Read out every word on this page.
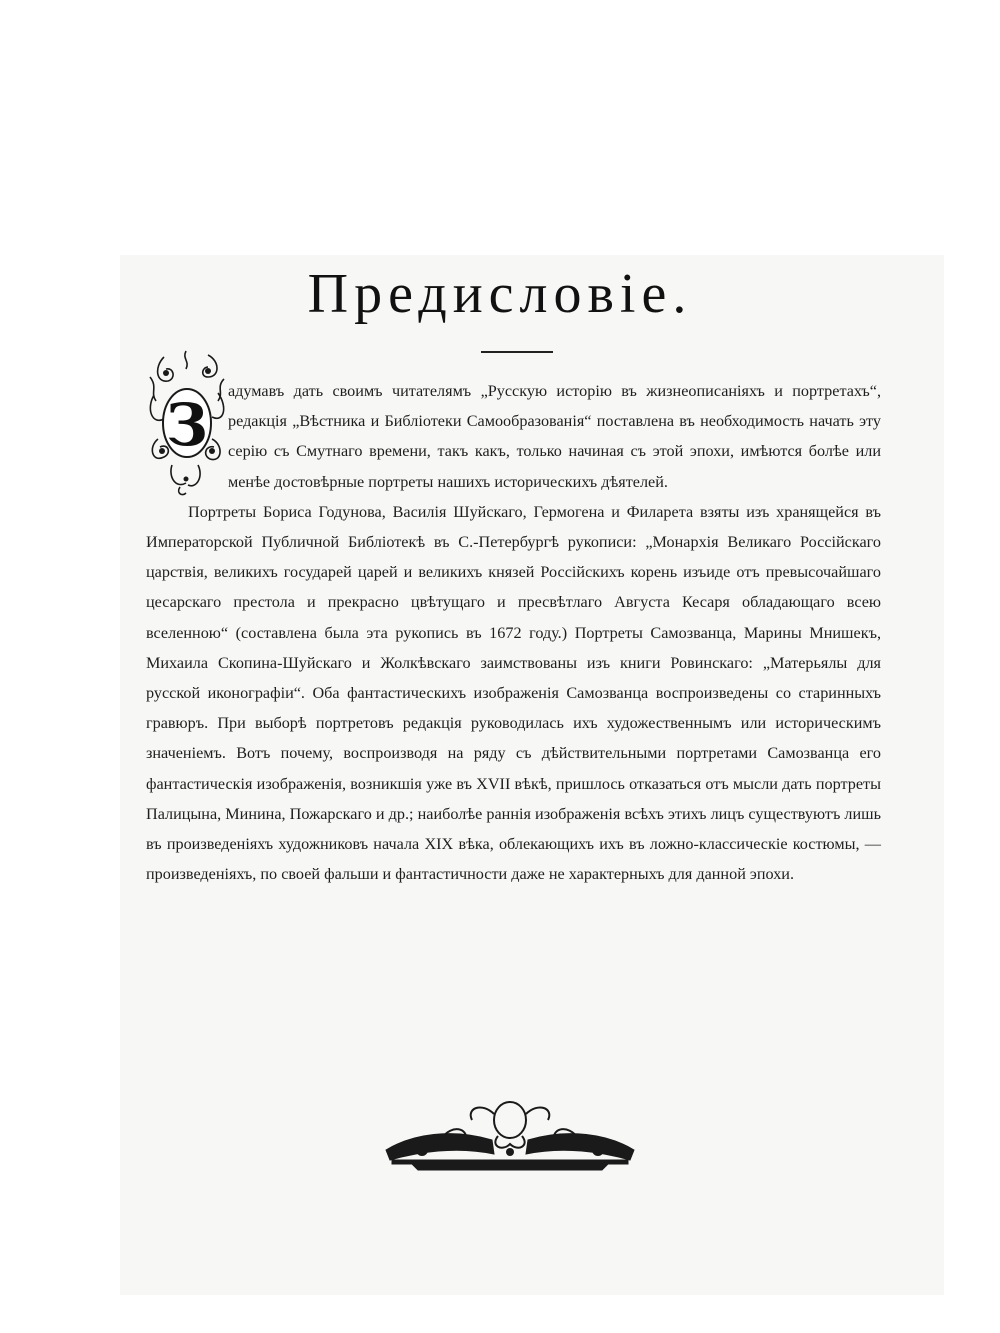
Предисловіе.
З	адумавъ дать своимъ читателямъ „Русскую исторію въ жизнеописаніяхъ и портретахъ“, редакція „Вѣстника и Библіотеки Самообразованія“ поставлена въ необходимость начать эту серію съ Смутнаго времени, такъ какъ, только начиная съ этой эпохи, имѣются болѣе или менѣе достовѣрные портреты нашихъ историческихъ дѣятелей.

Портреты Бориса Годунова, Василія Шуйскаго, Гермогена и Филарета взяты изъ хранящейся въ Императорской Публичной Библіотекѣ въ С.-Петербургѣ рукописи: „Монархія Великаго Россійскаго царствія, великихъ государей царей и великихъ князей Россійскихъ корень изъиде отъ превысочайшаго цесарскаго престола и прекрасно цвѣтущаго и пресвѣтлаго Августа Кесаря обладающаго всею вселенною“ (составлена была эта рукопись въ 1672 году.) Портреты Самозванца, Марины Мнишекъ, Михаила Скопина-Шуйскаго и Жолкѣвскаго заимствованы изъ книги Ровинскаго: „Матерьялы для русской иконографіи“. Оба фантастическихъ изображенія Самозванца воспроизведены со старинныхъ гравюръ. При выборѣ портретовъ редакція руководилась ихъ художественнымъ или историческимъ значеніемъ. Вотъ почему, воспроизводя на ряду съ дѣйствительными портретами Самозванца его фантастическія изображенія, возникшія уже въ XVII вѣкѣ, пришлось отказаться отъ мысли дать портреты Палицына, Минина, Пожарскаго и др.; наиболѣе раннія изображенія всѣхъ этихъ лицъ существуютъ лишь въ произведеніяхъ художниковъ начала XIX вѣка, облекающихъ ихъ въ ложно-классическіе костюмы, — произведеніяхъ, по своей фальши и фантастичности даже не характерныхъ для данной эпохи.
